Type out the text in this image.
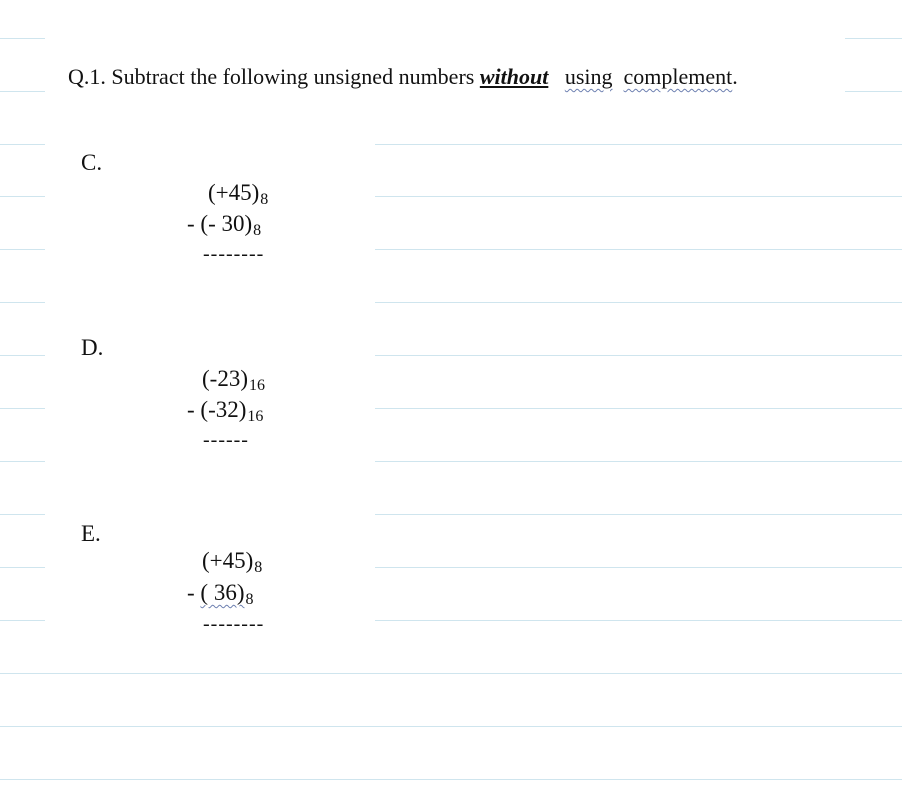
Q.1. Subtract the following unsigned numbers without using complement.
C.
(+45)8
- (- 30)8
--------
D.
(-23)16
- (-32)16
------
E.
(+45)8
- ( 36)8
--------
